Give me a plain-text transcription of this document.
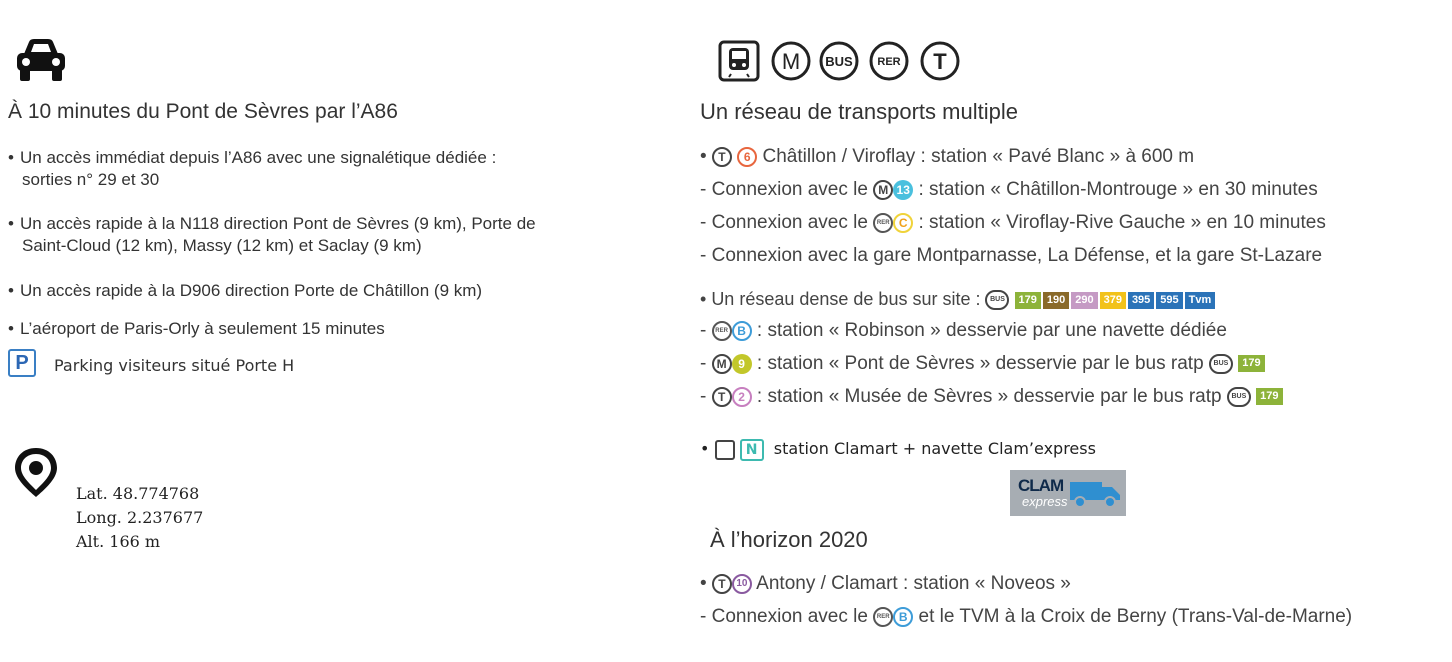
À 10 minutes du Pont de Sèvres par l’A86
• Un accès immédiat depuis l’A86 avec une signalétique dédiée :
sorties n° 29 et 30
• Un accès rapide à la N118 direction Pont de Sèvres (9 km), Porte de
Saint-Cloud (12 km), Massy (12 km) et Saclay (9 km)
• Un accès rapide à la D906 direction Porte de Châtillon (9 km)
• L’aéroport de Paris-Orly à seulement 15 minutes
P	Parking visiteurs situé Porte H
Lat. 48.774768
Long. 2.237677
Alt. 166 m
M BUS RER T
Un réseau de transports multiple
• T 6 Châtillon / Viroflay : station « Pavé Blanc » à 600 m
- Connexion avec le M 13 : station « Châtillon-Montrouge » en 30 minutes
- Connexion avec le RER C : station « Viroflay-Rive Gauche » en 10 minutes
- Connexion avec la gare Montparnasse, La Défense, et la gare St-Lazare
• Un réseau dense de bus sur site : BUS 179 190 290 379 395 595 Tvm
- RER B : station « Robinson » desservie par une navette dédiée
- M 9 : station « Pont de Sèvres » desservie par le bus ratp BUS 179
- T 2 : station « Musée de Sèvres » desservie par le bus ratp BUS 179
•  N station Clamart + navette Clam’express
CLAM
express
À l’horizon 2020
• T 10 Antony / Clamart : station « Noveos »
- Connexion avec le RER B et le TVM à la Croix de Berny (Trans-Val-de-Marne)
